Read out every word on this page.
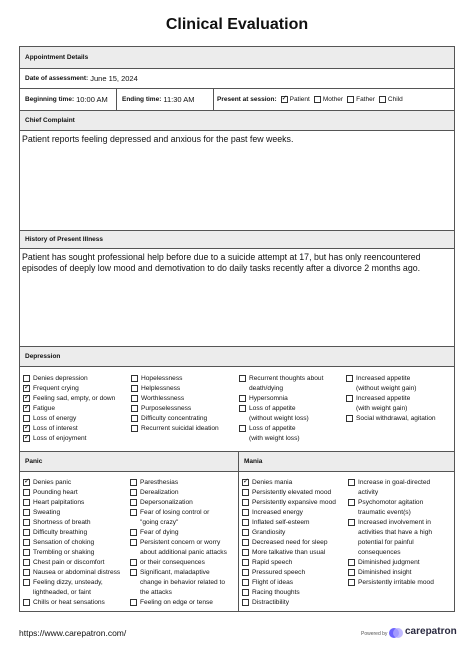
Clinical Evaluation
Appointment Details
Date of assessment: June 15, 2024
Beginning time: 10:00 AM Ending time: 11:30 AM	Present at session:
✓ Patient Mother Father Child
Chief Complaint
Patient reports feeling depressed and anxious for the past few weeks.
History of Present Illness
Patient has sought professional help before due to a suicide attempt at 17, but has only reencountered episodes of deeply low mood and demotivation to do daily tasks recently after a divorce 2 months ago.
Depression
Denies depression
✓
Frequent crying
✓
Feeling sad, empty, or down
✓
Fatigue
Loss of energy
✓
Loss of interest
✓
Loss of enjoyment
Hopelessness
Helplessness
Worthlessness
Purposelessness
Difficulty concentrating
Recurrent suicidal ideation
Recurrent thoughts about
death/dying
Hypersomnia
Loss of appetite
(without weight loss)
Loss of appetite
(with weight loss)
Increased appetite
(without weight gain)
Increased appetite
(with weight gain)
Social withdrawal, agitation
Panic	Mania
✓
Denies panic
Pounding heart
Heart palpitations
Sweating
Shortness of breath
Difficulty breathing
Sensation of choking
Trembling or shaking
Chest pain or discomfort
Nausea or abdominal distress
Feeling dizzy, unsteady,
lightheaded, or faint
Chills or heat sensations
Paresthesias
Derealization
Depersonalization
Fear of losing control or
"going crazy"
Fear of dying
Persistent concern or worry
about additional panic attacks
or their consequences
Significant, maladaptive
change in behavior related to
the attacks
Feeling on edge or tense
✓
Denies mania
Persistently elevated mood
Persistently expansive mood
Increased energy
Inflated self-esteem
Grandiosity
Decreased need for sleep
More talkative than usual
Rapid speech
Pressured speech
Flight of ideas
Racing thoughts
Distractibility
Increase in goal-directed
activity
Psychomotor agitation
traumatic event(s)
Increased involvement in
activities that have a high
potential for painful
consequences
Diminished judgment
Diminished insight
Persistently irritable mood
https://www.carepatron.com/	Powered by carepatron
